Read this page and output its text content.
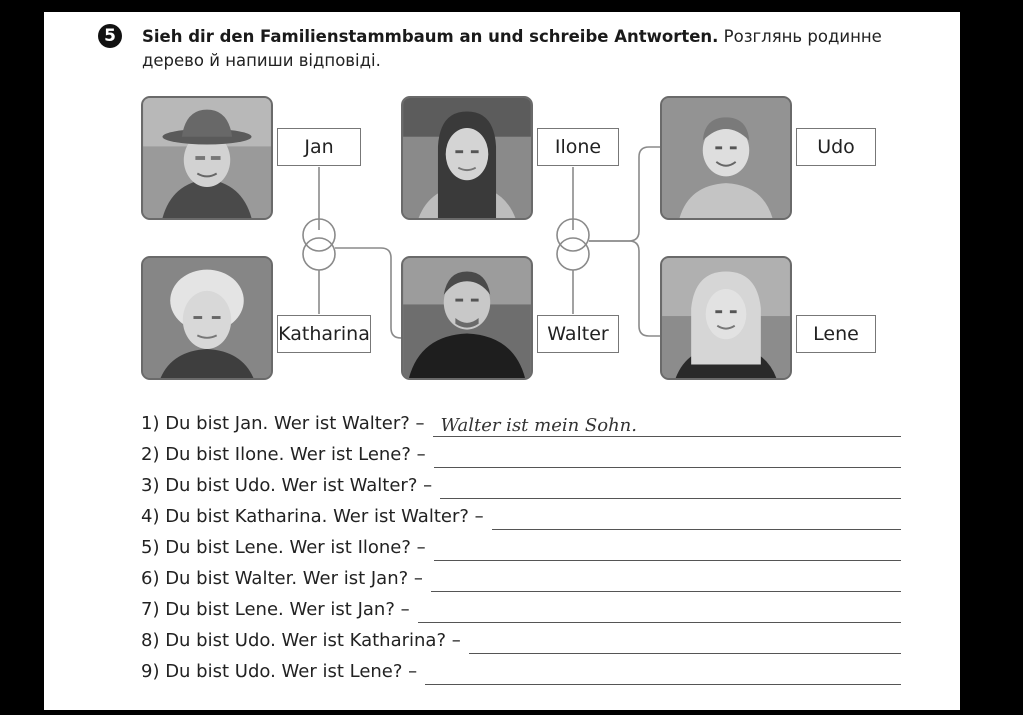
5	Sieh dir den Familienstammbaum an und schreibe Antworten. Розглянь родинне дерево й напиши відповіді.
Jan
Katharina
Ilone
Walter
Udo
Lene
1) Du bist Jan. Wer ist Walter? – Walter ist mein Sohn.
2) Du bist Ilone. Wer ist Lene? –
3) Du bist Udo. Wer ist Walter? –
4) Du bist Katharina. Wer ist Walter? –
5) Du bist Lene. Wer ist Ilone? –
6) Du bist Walter. Wer ist Jan? –
7) Du bist Lene. Wer ist Jan? –
8) Du bist Udo. Wer ist Katharina? –
9) Du bist Udo. Wer ist Lene? –
